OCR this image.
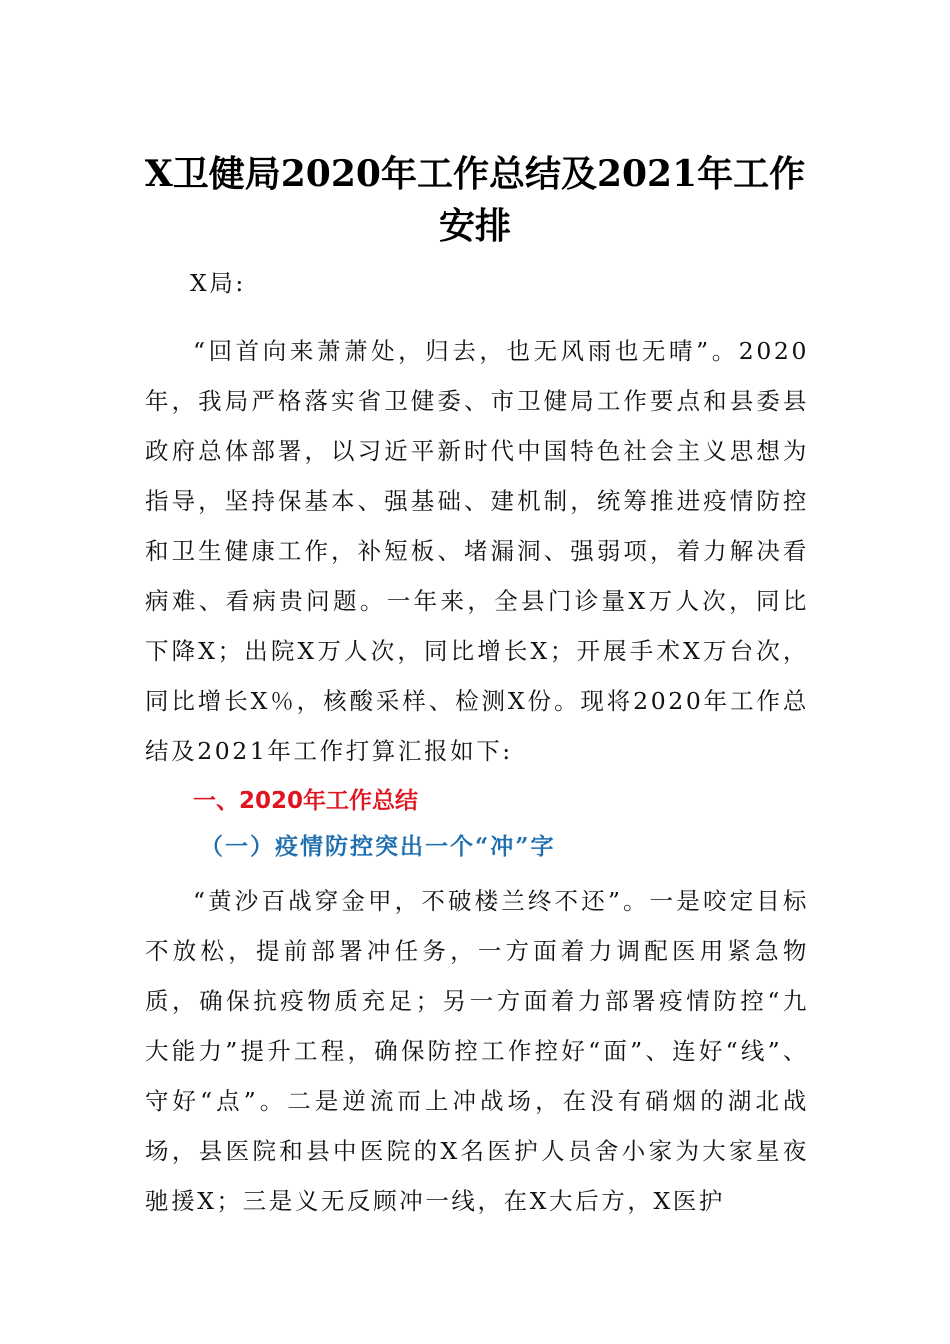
X卫健局2020年工作总结及2021年工作安排

X局:

“回首向来萧萧处，归去，也无风雨也无晴”。2020年，我局严格落实省卫健委、市卫健局工作要点和县委县政府总体部署，以习近平新时代中国特色社会主义思想为指导，坚持保基本、强基础、建机制，统筹推进疫情防控和卫生健康工作，补短板、堵漏洞、强弱项，着力解决看病难、看病贵问题。一年来，全县门诊量X万人次，同比下降X；出院X万人次，同比增长X；开展手术X万台次，同比增长X％，核酸采样、检测X份。现将2020年工作总结及2021年工作打算汇报如下:

一、2020年工作总结
（一）疫情防控突出一个“冲”字

“黄沙百战穿金甲，不破楼兰终不还”。一是咬定目标不放松，提前部署冲任务，一方面着力调配医用紧急物质，确保抗疫物质充足；另一方面着力部署疫情防控“九大能力”提升工程，确保防控工作控好“面”、连好“线”、守好“点”。二是逆流而上冲战场，在没有硝烟的湖北战场，县医院和县中医院的X名医护人员舍小家为大家星夜驰援X；三是义无反顾冲一线，在X大后方，X医护
